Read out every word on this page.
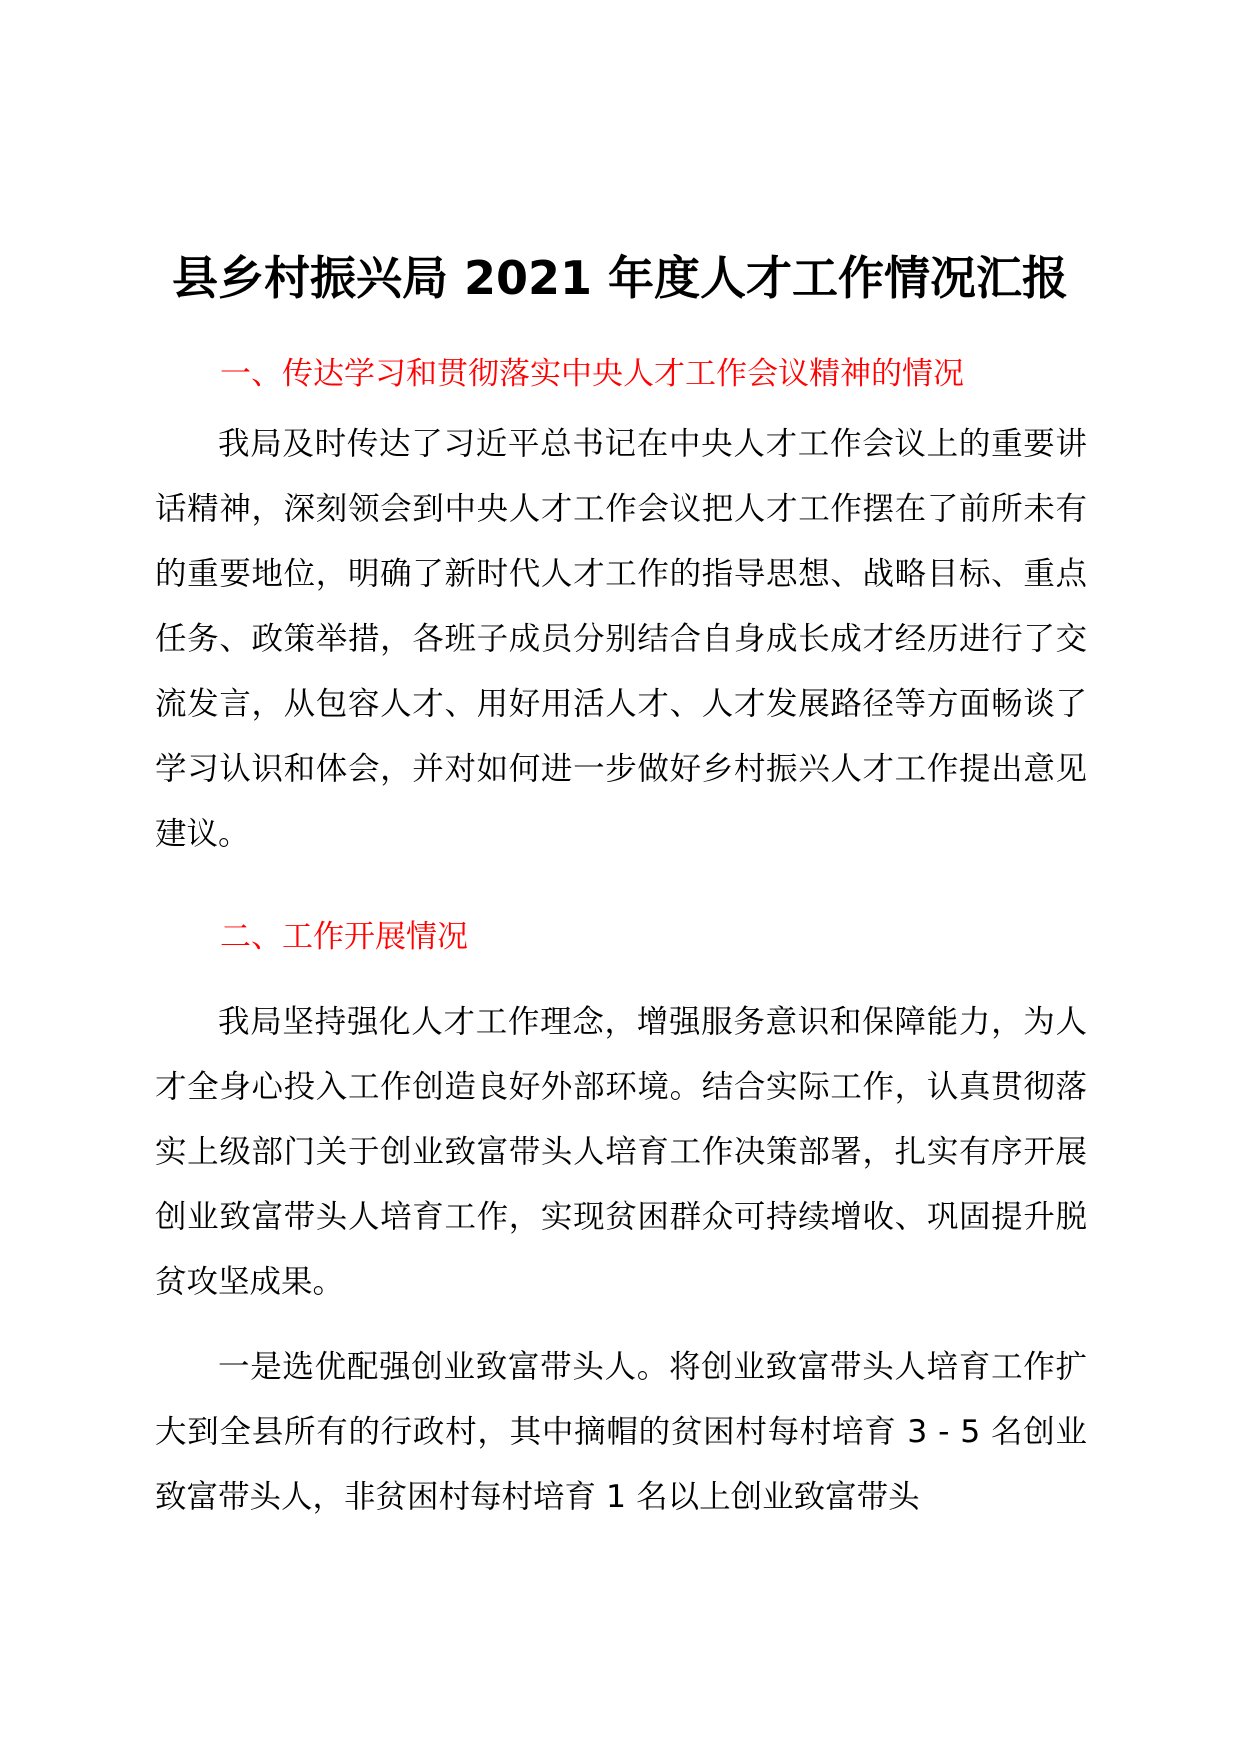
县乡村振兴局 2021 年度人才工作情况汇报
一、传达学习和贯彻落实中央人才工作会议精神的情况
我局及时传达了习近平总书记在中央人才工作会议上的重要讲话精神，深刻领会到中央人才工作会议把人才工作摆在了前所未有的重要地位，明确了新时代人才工作的指导思想、战略目标、重点任务、政策举措，各班子成员分别结合自身成长成才经历进行了交流发言，从包容人才、用好用活人才、人才发展路径等方面畅谈了学习认识和体会，并对如何进一步做好乡村振兴人才工作提出意见建议。
二、工作开展情况
我局坚持强化人才工作理念，增强服务意识和保障能力，为人才全身心投入工作创造良好外部环境。结合实际工作，认真贯彻落实上级部门关于创业致富带头人培育工作决策部署，扎实有序开展创业致富带头人培育工作，实现贫困群众可持续增收、巩固提升脱贫攻坚成果。
一是选优配强创业致富带头人。将创业致富带头人培育工作扩大到全县所有的行政村，其中摘帽的贫困村每村培育 3 - 5 名创业致富带头人，非贫困村每村培育 1 名以上创业致富带头
